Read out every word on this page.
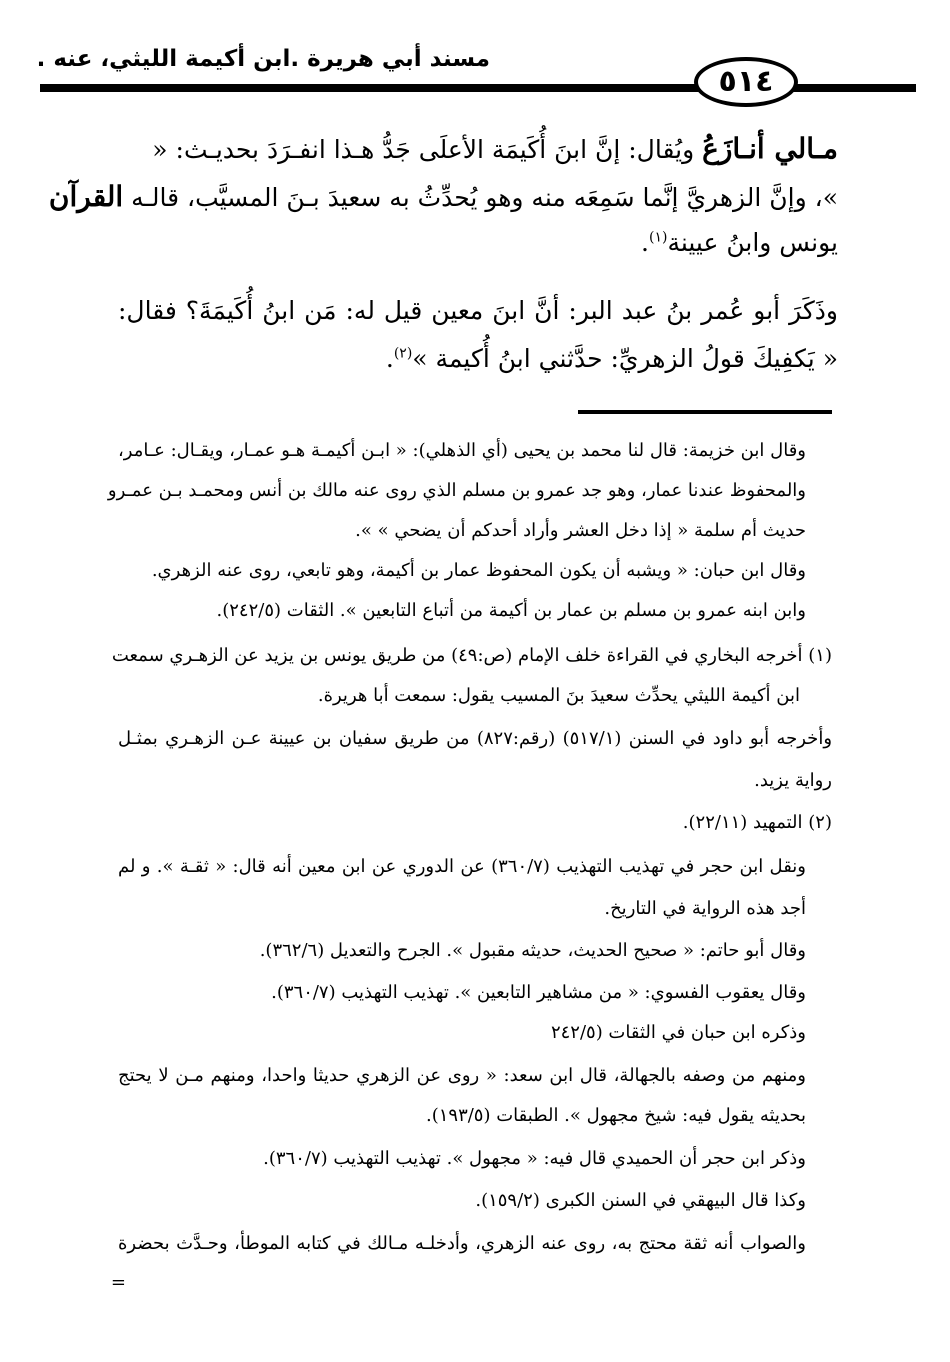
مسند أبي هريرة .ابن أكيمة الليثي، عنه .
٥١٤
مـالي أنـازَعُ ويُقال: إنَّ ابنَ أُكَيمَة الأعلَى جَدُّ هـذا انفـرَدَ بحديـث: «
»، وإنَّ الزهريَّ إنَّما سَمِعَه منه وهو يُحدِّثُ به سعيدَ بـنَ المسيَّب، قالـه القرآن
يونس وابنُ عيينة$^{(١)}$.
وذَكَرَ أبو عُمر بنُ عبد البر: أنَّ ابنَ معين قيل له: مَن ابنُ أُكَيمَةَ؟ فقال:
« يَكفِيكَ قولُ الزهريِّ: حدَّثني ابنُ أُكيمة »$^{(٢)}$.
وقال ابن خزيمة: قال لنا محمد بن يحيى (أي الذهلي): « ابـن أكيمـة هـو عمـار، ويقـال: عـامر،
والمحفوظ عندنا عمار، وهو جد عمرو بن مسلم الذي روى عنه مالك بن أنس ومحمـد بـن عمـرو
حديث أم سلمة « إذا دخل العشر وأراد أحدكم أن يضحي » ».
وقال ابن حبان: « ويشبه أن يكون المحفوظ عمار بن أكيمة، وهو تابعي، روى عنه الزهري.
وابن ابنه عمرو بن مسلم بن عمار بن أكيمة من أتباع التابعين ». الثقات (٢٤٢/٥).
(١) أخرجه البخاري في القراءة خلف الإمام (ص:٤٩) من طريق يونس بن يزيد عن الزهـري سمعت
ابن أكيمة الليثي يحدِّث سعيدَ بنَ المسيب يقول: سمعت أبا هريرة.
وأخرجه أبو داود في السنن (٥١٧/١) (رقم:٨٢٧) من طريق سفيان بن عيينة عـن الزهـري بمثـل
رواية يزيد.
(٢) التمهيد (٢٢/١١).
ونقل ابن حجر في تهذيب التهذيب (٣٦٠/٧) عن الدوري عن ابن معين أنه قال: « ثقـة ». و لم
أجد هذه الرواية في التاريخ.
وقال أبو حاتم: « صحيح الحديث، حديثه مقبول ». الجرح والتعديل (٣٦٢/٦).
وقال يعقوب الفسوي: « من مشاهير التابعين ». تهذيب التهذيب (٣٦٠/٧).
وذكره ابن حبان في الثقات (٢٤٢/٥
ومنهم من وصفه بالجهالة، قال ابن سعد: « روى عن الزهري حديثا واحدا، ومنهم مـن لا يحتج
بحديثه يقول فيه: شيخ مجهول ». الطبقات (١٩٣/٥).
وذكر ابن حجر أن الحميدي قال فيه: « مجهول ». تهذيب التهذيب (٣٦٠/٧).
وكذا قال البيهقي في السنن الكبرى (١٥٩/٢).
والصواب أنه ثقة محتج به، روى عنه الزهري، وأدخلـه مـالك في كتابه الموطأ، وحـدَّث بحضرة
=
